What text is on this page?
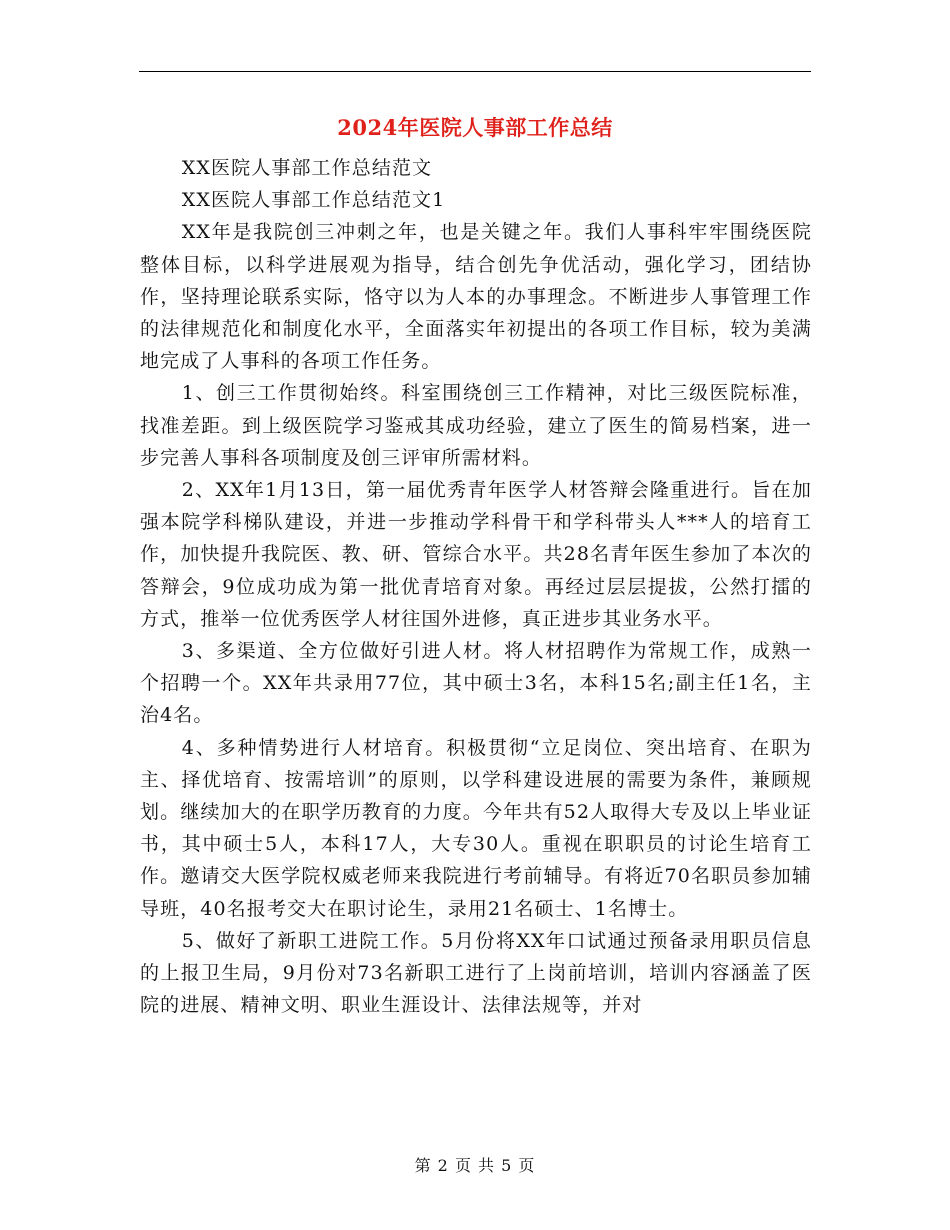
2024年医院人事部工作总结

XX医院人事部工作总结范文

XX医院人事部工作总结范文1

XX年是我院创三冲刺之年，也是关键之年。我们人事科牢牢围绕医院整体目标，以科学进展观为指导，结合创先争优活动，强化学习，团结协作，坚持理论联系实际，恪守以为人本的办事理念。不断进步人事管理工作的法律规范化和制度化水平，全面落实年初提出的各项工作目标，较为美满地完成了人事科的各项工作任务。

1、创三工作贯彻始终。科室围绕创三工作精神，对比三级医院标准，找准差距。到上级医院学习鉴戒其成功经验，建立了医生的简易档案，进一步完善人事科各项制度及创三评审所需材料。

2、XX年1月13日，第一届优秀青年医学人材答辩会隆重进行。旨在加强本院学科梯队建设，并进一步推动学科骨干和学科带头人***人的培育工作，加快提升我院医、教、研、管综合水平。共28名青年医生参加了本次的答辩会，9位成功成为第一批优青培育对象。再经过层层提拔，公然打擂的方式，推举一位优秀医学人材往国外进修，真正进步其业务水平。

3、多渠道、全方位做好引进人材。将人材招聘作为常规工作，成熟一个招聘一个。XX年共录用77位，其中硕士3名，本科15名;副主任1名，主治4名。

4、多种情势进行人材培育。积极贯彻“立足岗位、突出培育、在职为主、择优培育、按需培训”的原则，以学科建设进展的需要为条件，兼顾规划。继续加大的在职学历教育的力度。今年共有52人取得大专及以上毕业证书，其中硕士5人，本科17人，大专30人。重视在职职员的讨论生培育工作。邀请交大医学院权威老师来我院进行考前辅导。有将近70名职员参加辅导班，40名报考交大在职讨论生，录用21名硕士、1名博士。

5、做好了新职工进院工作。5月份将XX年口试通过预备录用职员信息的上报卫生局，9月份对73名新职工进行了上岗前培训，培训内容涵盖了医院的进展、精神文明、职业生涯设计、法律法规等，并对

第 2 页 共 5 页
